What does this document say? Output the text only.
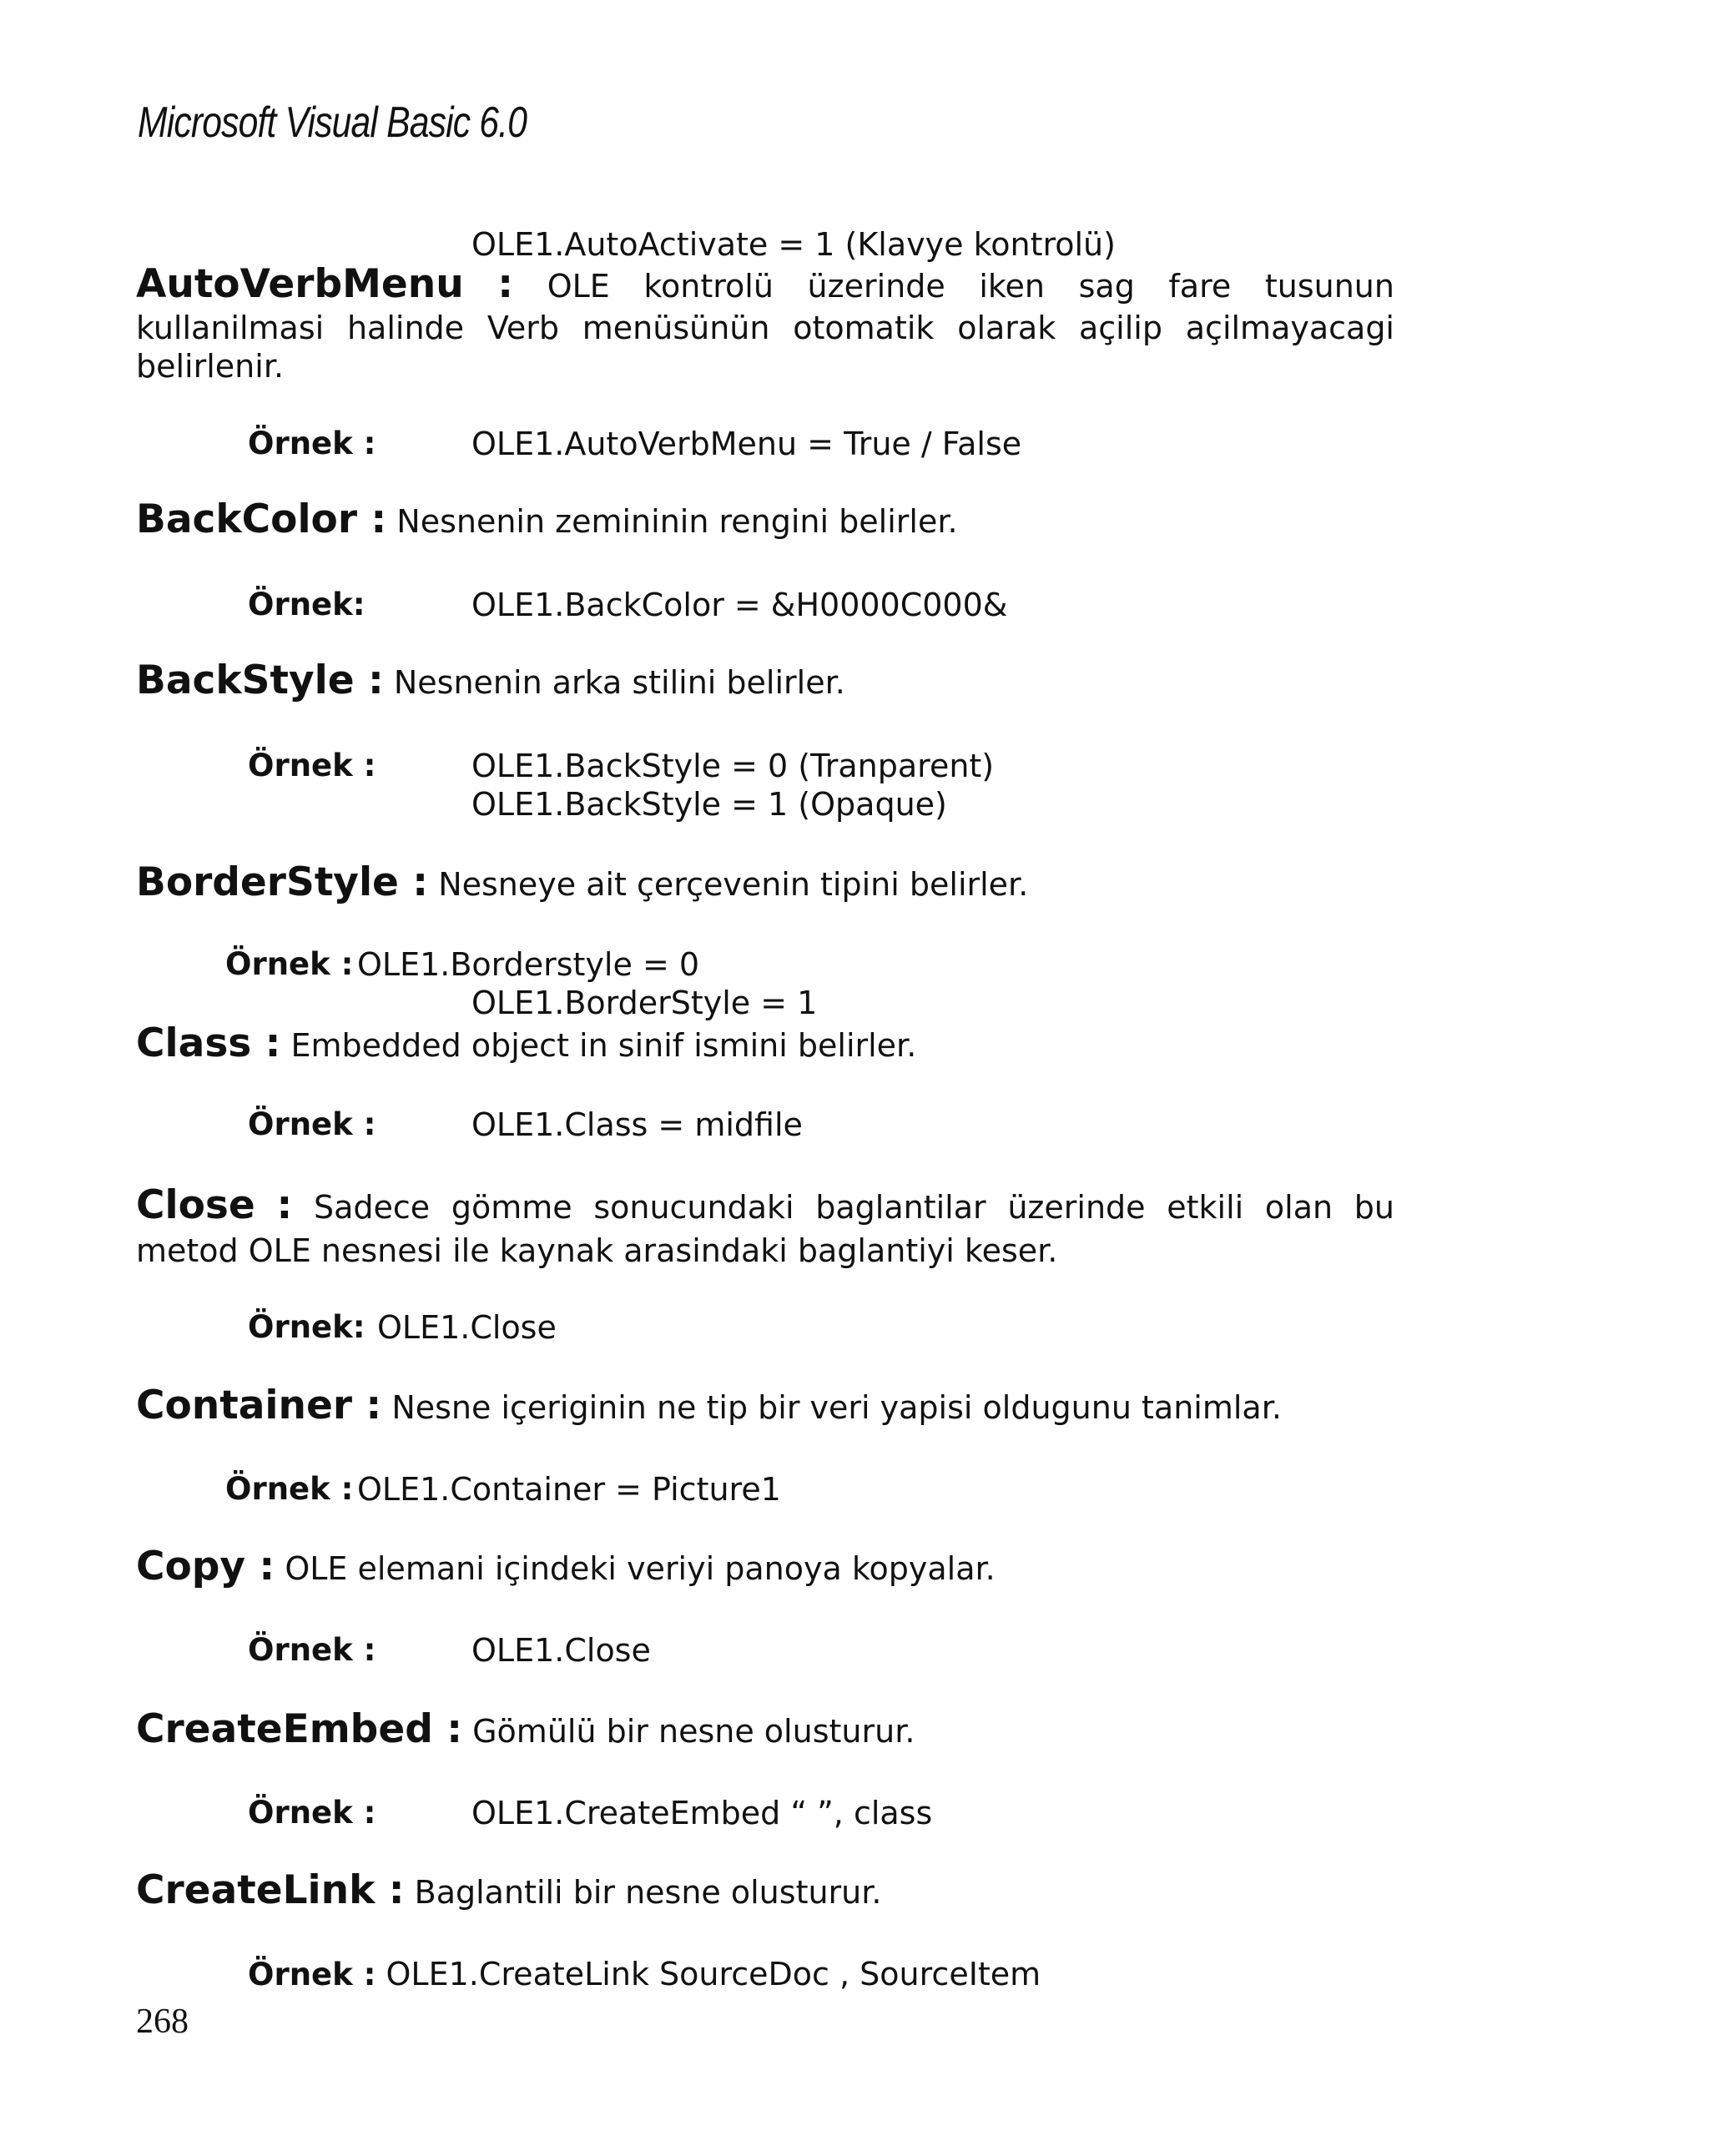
Microsoft Visual Basic 6.0
OLE1.AutoActivate = 1 (Klavye kontrolü)
AutoVerbMenu : OLE kontrolü üzerinde iken sag fare tusunun
kullanilmasi halinde Verb menüsünün otomatik olarak açilip açilmayacagi
belirlenir.
Örnek :	OLE1.AutoVerbMenu = True / False
BackColor : Nesnenin zemininin rengini belirler.
Örnek:	OLE1.BackColor = &H0000C000&
BackStyle : Nesnenin arka stilini belirler.
Örnek :	OLE1.BackStyle = 0 (Tranparent)
OLE1.BackStyle = 1 (Opaque)
BorderStyle : Nesneye ait çerçevenin tipini belirler.
Örnek : OLE1.Borderstyle = 0
OLE1.BorderStyle = 1
Class : Embedded object in sinif ismini belirler.
Örnek :	OLE1.Class = midfile
Close : Sadece gömme sonucundaki baglantilar üzerinde etkili olan bu
metod OLE nesnesi ile kaynak arasindaki baglantiyi keser.
Örnek: OLE1.Close
Container : Nesne içeriginin ne tip bir veri yapisi oldugunu tanimlar.
Örnek : OLE1.Container = Picture1
Copy : OLE elemani içindeki veriyi panoya kopyalar.
Örnek :	OLE1.Close
CreateEmbed : Gömülü bir nesne olusturur.
Örnek :	OLE1.CreateEmbed “ ”, class
CreateLink : Baglantili bir nesne olusturur.
Örnek : OLE1.CreateLink SourceDoc , SourceItem
268
